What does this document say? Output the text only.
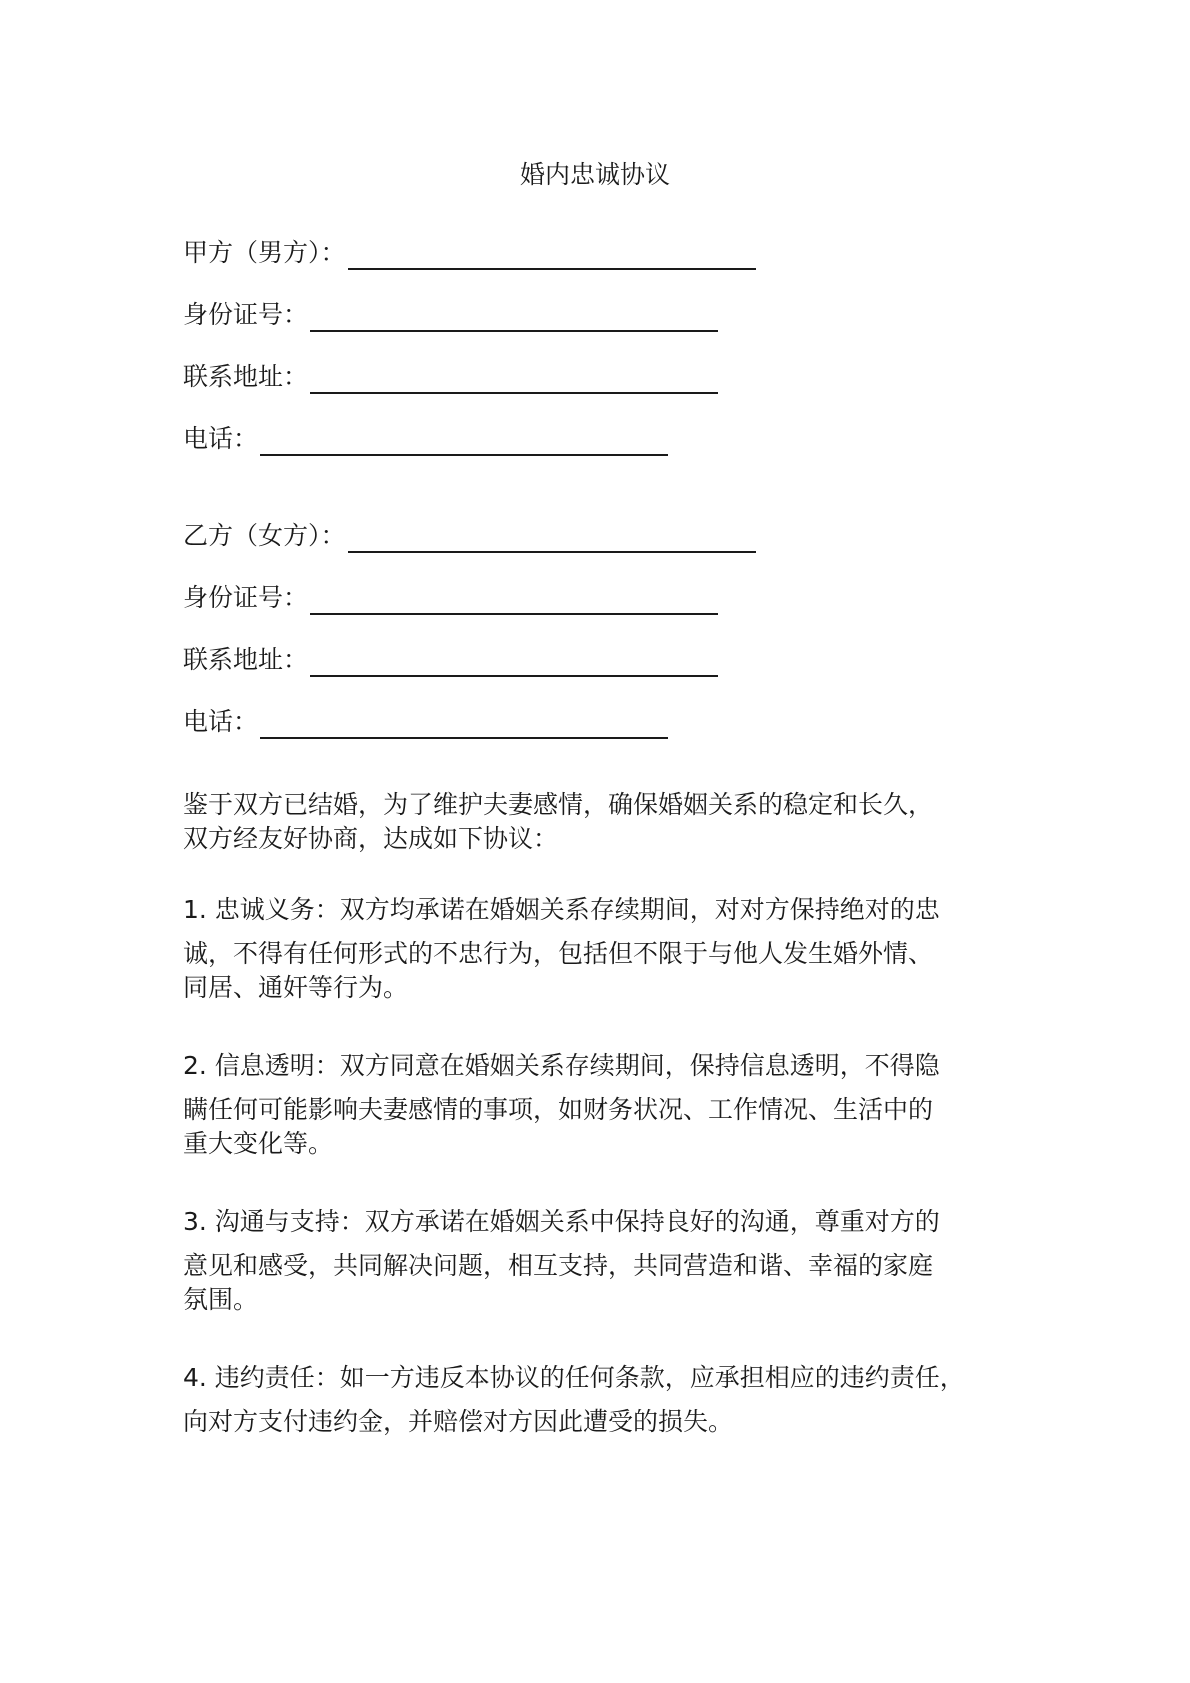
婚内忠诚协议
甲方（男方）：
身份证号：
联系地址：
电话：
乙方（女方）：
身份证号：
联系地址：
电话：
鉴于双方已结婚，为了维护夫妻感情，确保婚姻关系的稳定和长久，
双方经友好协商，达成如下协议：
1. 忠诚义务：双方均承诺在婚姻关系存续期间，对对方保持绝对的忠
诚，不得有任何形式的不忠行为，包括但不限于与他人发生婚外情、
同居、通奸等行为。
2. 信息透明：双方同意在婚姻关系存续期间，保持信息透明，不得隐
瞒任何可能影响夫妻感情的事项，如财务状况、工作情况、生活中的
重大变化等。
3. 沟通与支持：双方承诺在婚姻关系中保持良好的沟通，尊重对方的
意见和感受，共同解决问题，相互支持，共同营造和谐、幸福的家庭
氛围。
4. 违约责任：如一方违反本协议的任何条款，应承担相应的违约责任，
向对方支付违约金，并赔偿对方因此遭受的损失。
